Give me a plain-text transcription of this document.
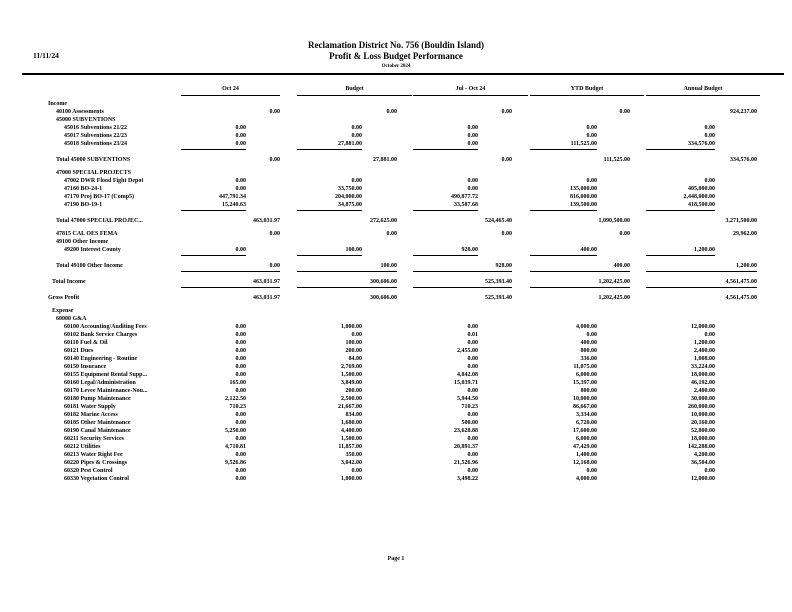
11/11/24
Reclamation District No. 756 (Bouldin Island)
Profit & Loss Budget Performance
October 2024
Oct 24	Budget	Jul - Oct 24	YTD Budget	Annual Budget
Income
40100 Assessments	0.00	0.00	0.00	0.00	924,237.00
45000 SUBVENTIONS
45016 Subventions 21/22	0.00	0.00	0.00	0.00	0.00
45017 Subventions 22/23	0.00	0.00	0.00	0.00	0.00
45018 Subventions 23/24	0.00	27,881.00	0.00	111,525.00	334,576.00
Total 45000 SUBVENTIONS	0.00	27,881.00	0.00	111,525.00	334,576.00
47000 SPECIAL PROJECTS
47002 DWR Flood Fight Depot	0.00	0.00	0.00	0.00	0.00
47160 BO-24-1	0.00	33,750.00	0.00	135,000.00	405,000.00
47170 Proj BO-17 (Comp5)	447,791.34	204,000.00	490,877.72	816,000.00	2,448,000.00
47190 BO-19-1	15,240.63	34,875.00	33,587.68	139,500.00	418,500.00
Total 47000 SPECIAL PROJEC...	463,031.97	272,625.00	524,465.40	1,090,500.00	3,271,500.00
47815 CAL OES FEMA	0.00	0.00	0.00	0.00	29,962.00
49100 Other Income
49200 Interest County	0.00	100.00	928.00	400.00	1,200.00
Total 49100 Other Income	0.00	100.00	928.00	400.00	1,200.00
Total Income	463,031.97	300,606.00	525,393.40	1,202,425.00	4,561,475.00
Gross Profit	463,031.97	300,606.00	525,393.40	1,202,425.00	4,561,475.00
Expense
60000 G&A
60100 Accounting/Auditing Fees	0.00	1,000.00	0.00	4,000.00	12,000.00
60102 Bank Service Charges	0.00	0.00	0.01	0.00	0.00
60110 Fuel & Oil	0.00	100.00	0.00	400.00	1,200.00
60121 Dues	0.00	200.00	2,455.00	800.00	2,400.00
60140 Engineering - Routine	0.00	84.00	0.00	336.00	1,008.00
60150 Insurance	0.00	2,769.00	0.00	11,075.00	33,224.00
60155 Equipment Rental Supp...	0.00	1,500.00	4,842.08	6,000.00	18,000.00
60160 Legal/Administration	165.00	3,849.00	15,039.71	15,397.00	46,192.00
60170 Levee Maintenance-Nou...	0.00	200.00	0.00	800.00	2,400.00
60180 Pump Maintenance	2,122.50	2,500.00	5,944.50	10,000.00	30,000.00
60181 Water Supply	710.23	21,667.00	710.23	86,667.00	260,000.00
60182 Marine Access	0.00	834.00	0.00	3,334.00	10,000.00
60185 Other Maintenance	0.00	1,680.00	500.00	6,720.00	20,160.00
60190 Canal Maintenance	5,250.00	4,400.00	23,628.88	17,600.00	52,800.00
60211 Security Services	0.00	1,500.00	0.00	6,000.00	18,000.00
60212 Utilities	4,710.81	11,857.00	20,891.37	47,429.00	142,288.00
60213 Water Right Fee	0.00	350.00	0.00	1,400.00	4,200.00
60220 Pipes & Crossings	9,526.86	3,042.00	21,526.96	12,168.00	36,504.00
60320 Pest Control	0.00	0.00	0.00	0.00	0.00
60330 Vegetation Control	0.00	1,000.00	3,498.22	4,000.00	12,000.00
Page 1
